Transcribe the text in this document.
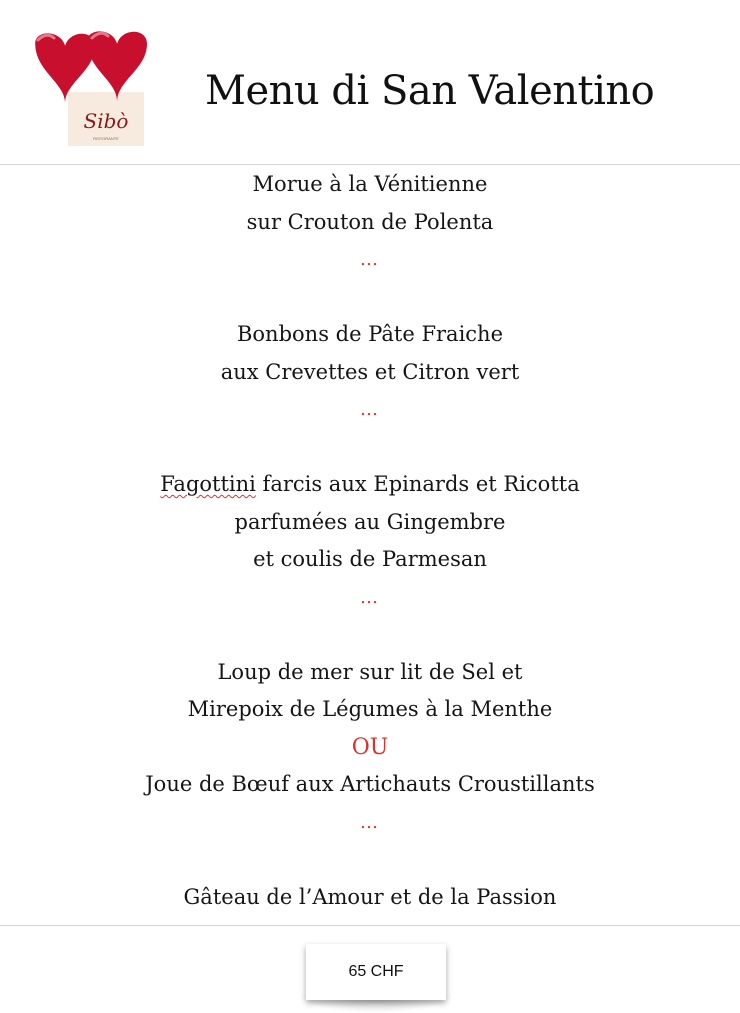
Sibò
RISTORANTE
Menu di San Valentino
Morue à la Vénitienne
sur Crouton de Polenta
…
Bonbons de Pâte Fraiche
aux Crevettes et Citron vert
…
Fagottini farcis aux Epinards et Ricotta
parfumées au Gingembre
et coulis de Parmesan
…
Loup de mer sur lit de Sel et
Mirepoix de Légumes à la Menthe
OU
Joue de Bœuf aux Artichauts Croustillants
…
Gâteau de l’Amour et de la Passion
65 CHF
